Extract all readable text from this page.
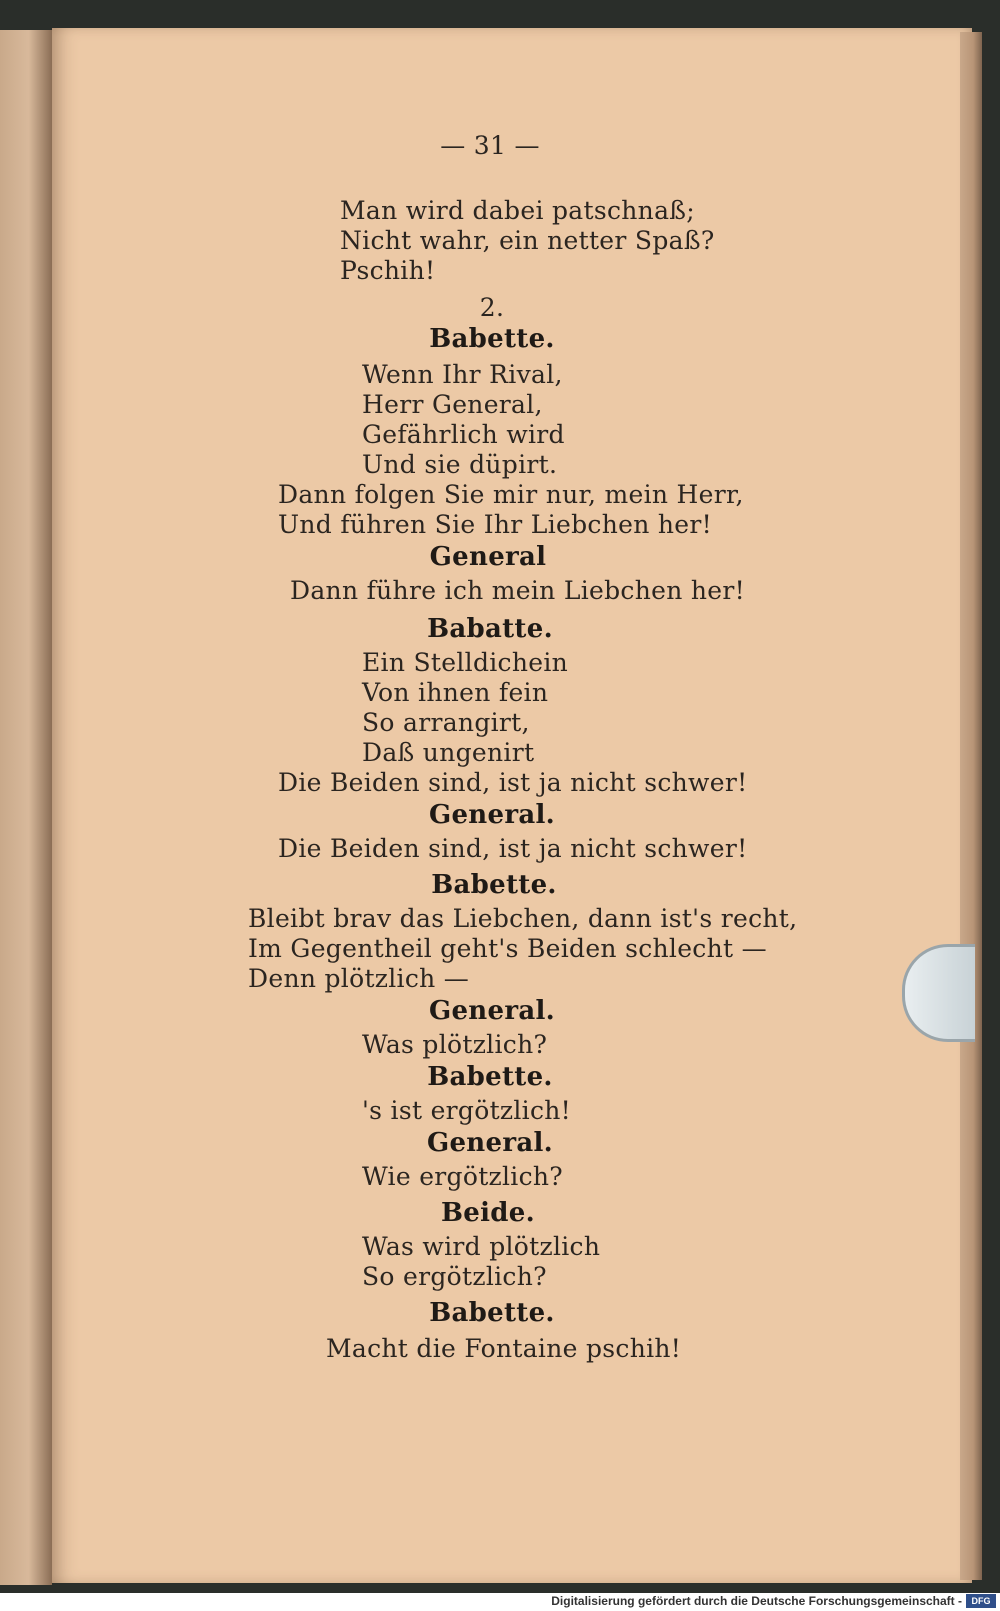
— 31 —
Man wird dabei patschnaß;
Nicht wahr, ein netter Spaß?
Pschih!
2.
Babette.
Wenn Ihr Rival,
Herr General,
Gefährlich wird
Und sie düpirt.
Dann folgen Sie mir nur, mein Herr,
Und führen Sie Ihr Liebchen her!
General
Dann führe ich mein Liebchen her!
Babatte.
Ein Stelldichein
Von ihnen fein
So arrangirt,
Daß ungenirt
Die Beiden sind, ist ja nicht schwer!
General.
Die Beiden sind, ist ja nicht schwer!
Babette.
Bleibt brav das Liebchen, dann ist's recht,
Im Gegentheil geht's Beiden schlecht —
Denn plötzlich —
General.
Was plötzlich?
Babette.
's ist ergötzlich!
General.
Wie ergötzlich?
Beide.
Was wird plötzlich
So ergötzlich?
Babette.
Macht die Fontaine pschih!
Digitalisierung gefördert durch die Deutsche Forschungsgemeinschaft -	DFG
